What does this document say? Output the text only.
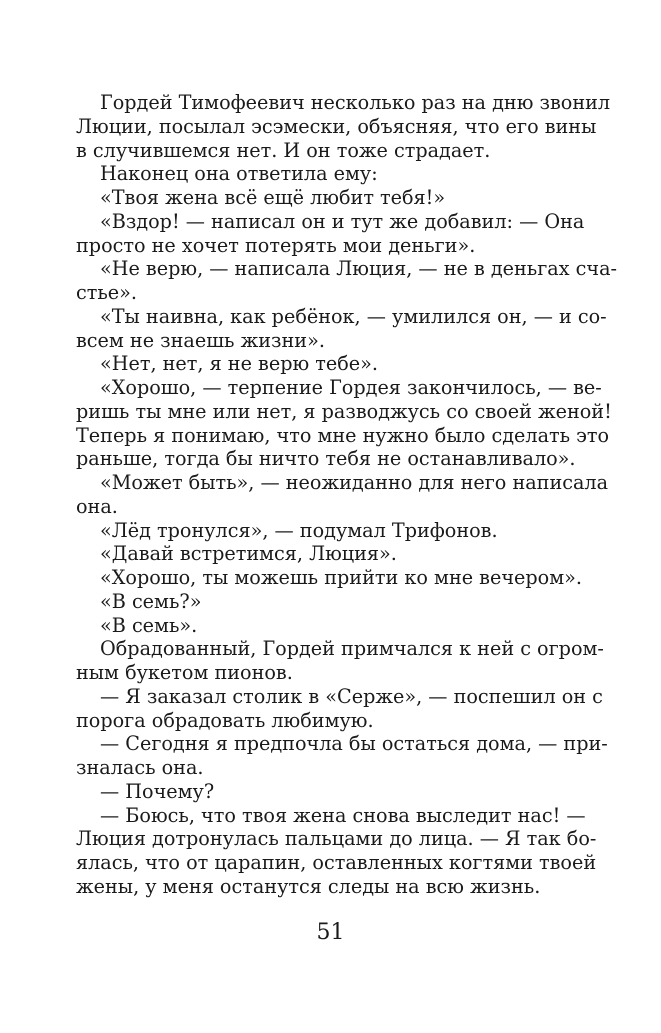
Гордей Тимофеевич несколько раз на дню звонил
Люции, посылал эсэмески, объясняя, что его вины
в случившемся нет. И он тоже страдает.
Наконец она ответила ему:
«Твоя жена всё ещё любит тебя!»
«Вздор! — написал он и тут же добавил: — Она
просто не хочет потерять мои деньги».
«Не верю, — написала Люция, — не в деньгах сча-
стье».
«Ты наивна, как ребёнок, — умилился он, — и со-
всем не знаешь жизни».
«Нет, нет, я не верю тебе».
«Хорошо, — терпение Гордея закончилось, — ве-
ришь ты мне или нет, я разводжусь со своей женой!
Теперь я понимаю, что мне нужно было сделать это
раньше, тогда бы ничто тебя не останавливало».
«Может быть», — неожиданно для него написала
она.
«Лёд тронулся», — подумал Трифонов.
«Давай встретимся, Люция».
«Хорошо, ты можешь прийти ко мне вечером».
«В семь?»
«В семь».
Обрадованный, Гордей примчался к ней с огром-
ным букетом пионов.
— Я заказал столик в «Серже», — поспешил он с
порога обрадовать любимую.
— Сегодня я предпочла бы остаться дома, — при-
зналась она.
— Почему?
— Боюсь, что твоя жена снова выследит нас! —
Люция дотронулась пальцами до лица. — Я так бо-
ялась, что от царапин, оставленных когтями твоей
жены, у меня останутся следы на всю жизнь.
51
